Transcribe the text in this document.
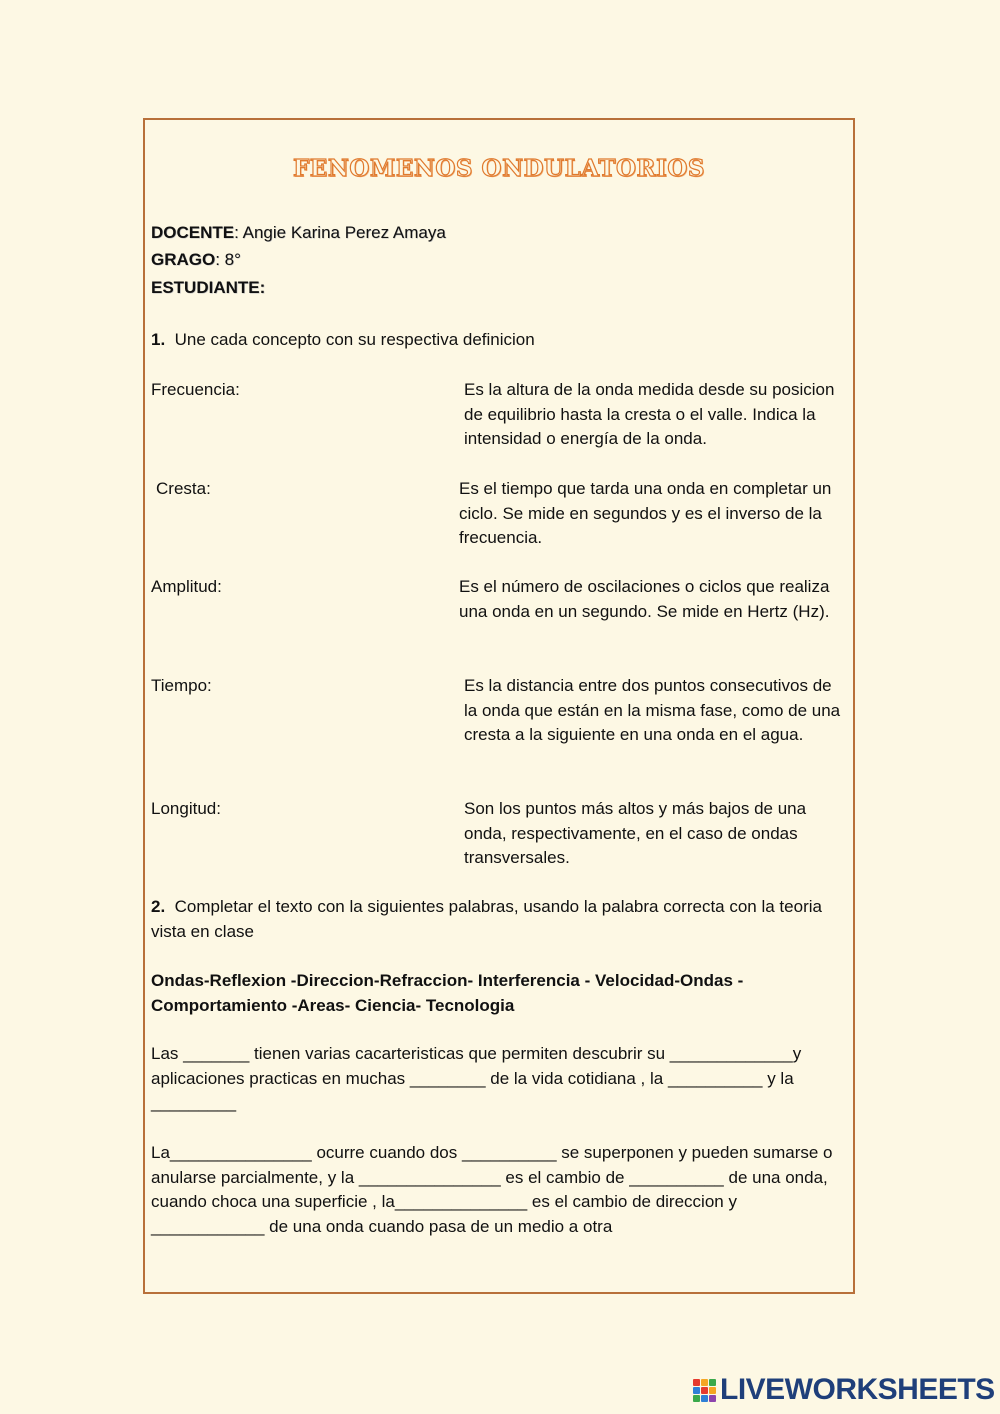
FENOMENOS ONDULATORIOS
DOCENTE: Angie Karina Perez Amaya
GRAGO: 8°
ESTUDIANTE:
1. Une cada concepto con su respectiva definicion
Frecuencia:	Es la altura de la onda medida desde su posicion de equilibrio hasta la cresta o el valle. Indica la intensidad o energía de la onda.
Cresta:	Es el tiempo que tarda una onda en completar un ciclo. Se mide en segundos y es el inverso de la frecuencia.
Amplitud:	Es el número de oscilaciones o ciclos que realiza una onda en un segundo. Se mide en Hertz (Hz).
Tiempo:	Es la distancia entre dos puntos consecutivos de la onda que están en la misma fase, como de una cresta a la siguiente en una onda en el agua.
Longitud:	Son los puntos más altos y más bajos de una onda, respectivamente, en el caso de ondas transversales.
2. Completar el texto con la siguientes palabras, usando la palabra correcta con la teoria vista en clase
Ondas-Reflexion -Direccion-Refraccion- Interferencia - Velocidad-Ondas - Comportamiento -Areas- Ciencia- Tecnologia
Las _______ tienen varias cacarteristicas que permiten descubrir su _____________y aplicaciones practicas en muchas ________ de la vida cotidiana , la __________ y la _________
La_______________ ocurre cuando dos __________ se superponen y pueden sumarse o anularse parcialmente, y la _______________ es el cambio de __________ de una onda, cuando choca una superficie , la______________ es el cambio de direccion y ____________ de una onda cuando pasa de un medio a otra
LIVEWORKSHEETS
